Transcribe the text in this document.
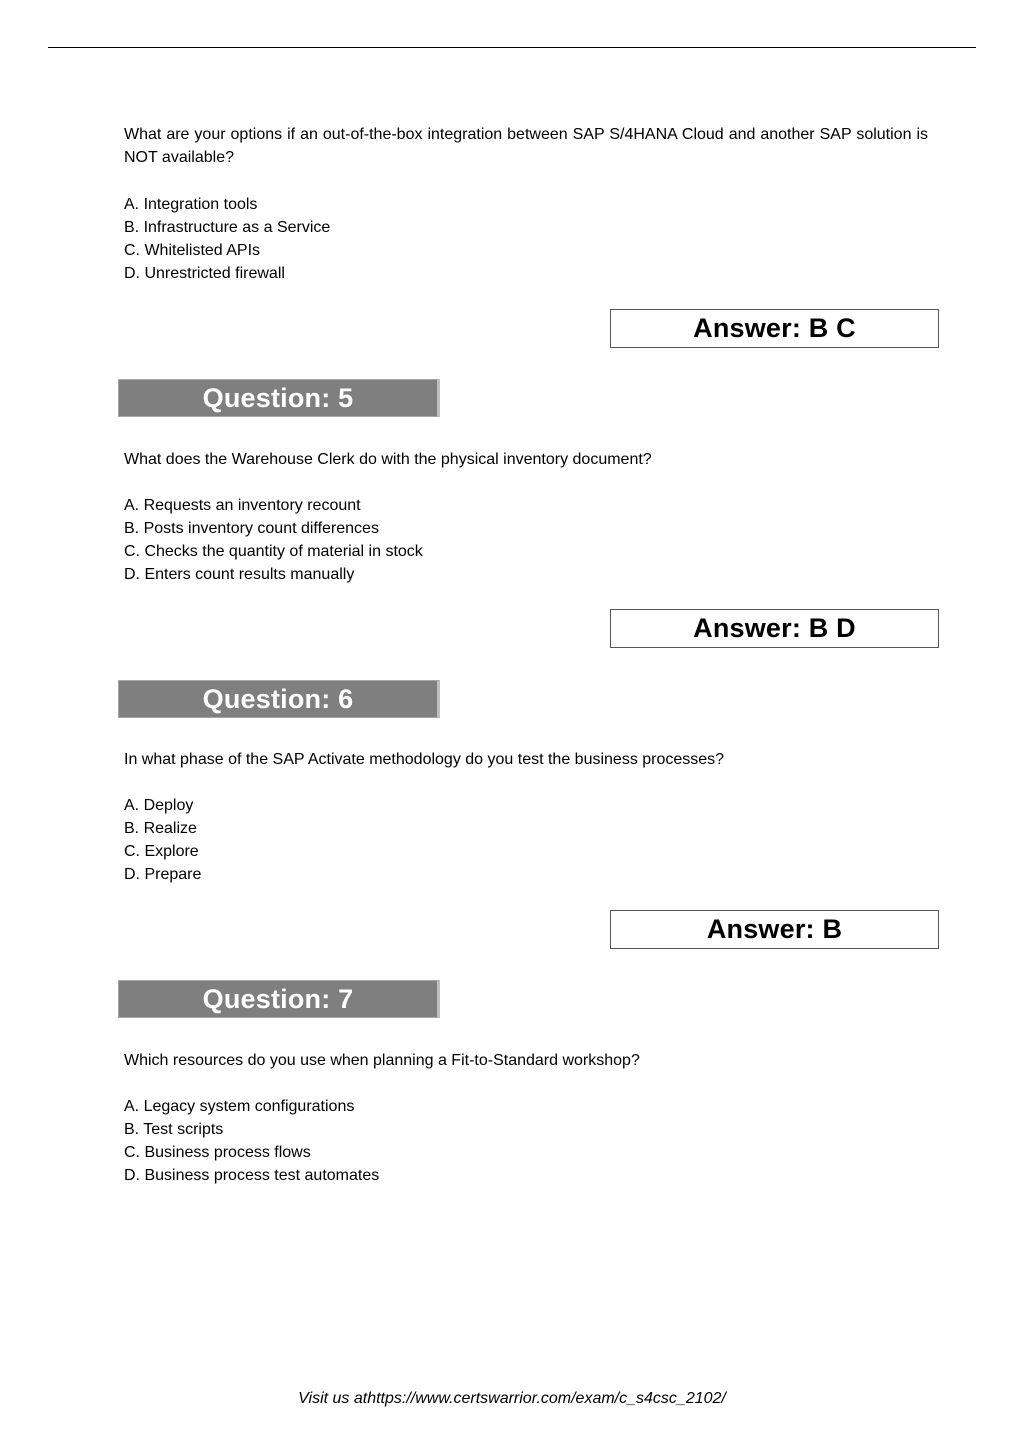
What are your options if an out-of-the-box integration between SAP S/4HANA Cloud and another SAP solution is NOT available?
A. Integration tools
B. Infrastructure as a Service
C. Whitelisted APIs
D. Unrestricted firewall
Answer: B C
Question: 5
What does the Warehouse Clerk do with the physical inventory document?
A. Requests an inventory recount
B. Posts inventory count differences
C. Checks the quantity of material in stock
D. Enters count results manually
Answer: B D
Question: 6
In what phase of the SAP Activate methodology do you test the business processes?
A. Deploy
B. Realize
C. Explore
D. Prepare
Answer: B
Question: 7
Which resources do you use when planning a Fit-to-Standard workshop?
A. Legacy system configurations
B. Test scripts
C. Business process flows
D. Business process test automates
Visit us athttps://www.certswarrior.com/exam/c_s4csc_2102/
